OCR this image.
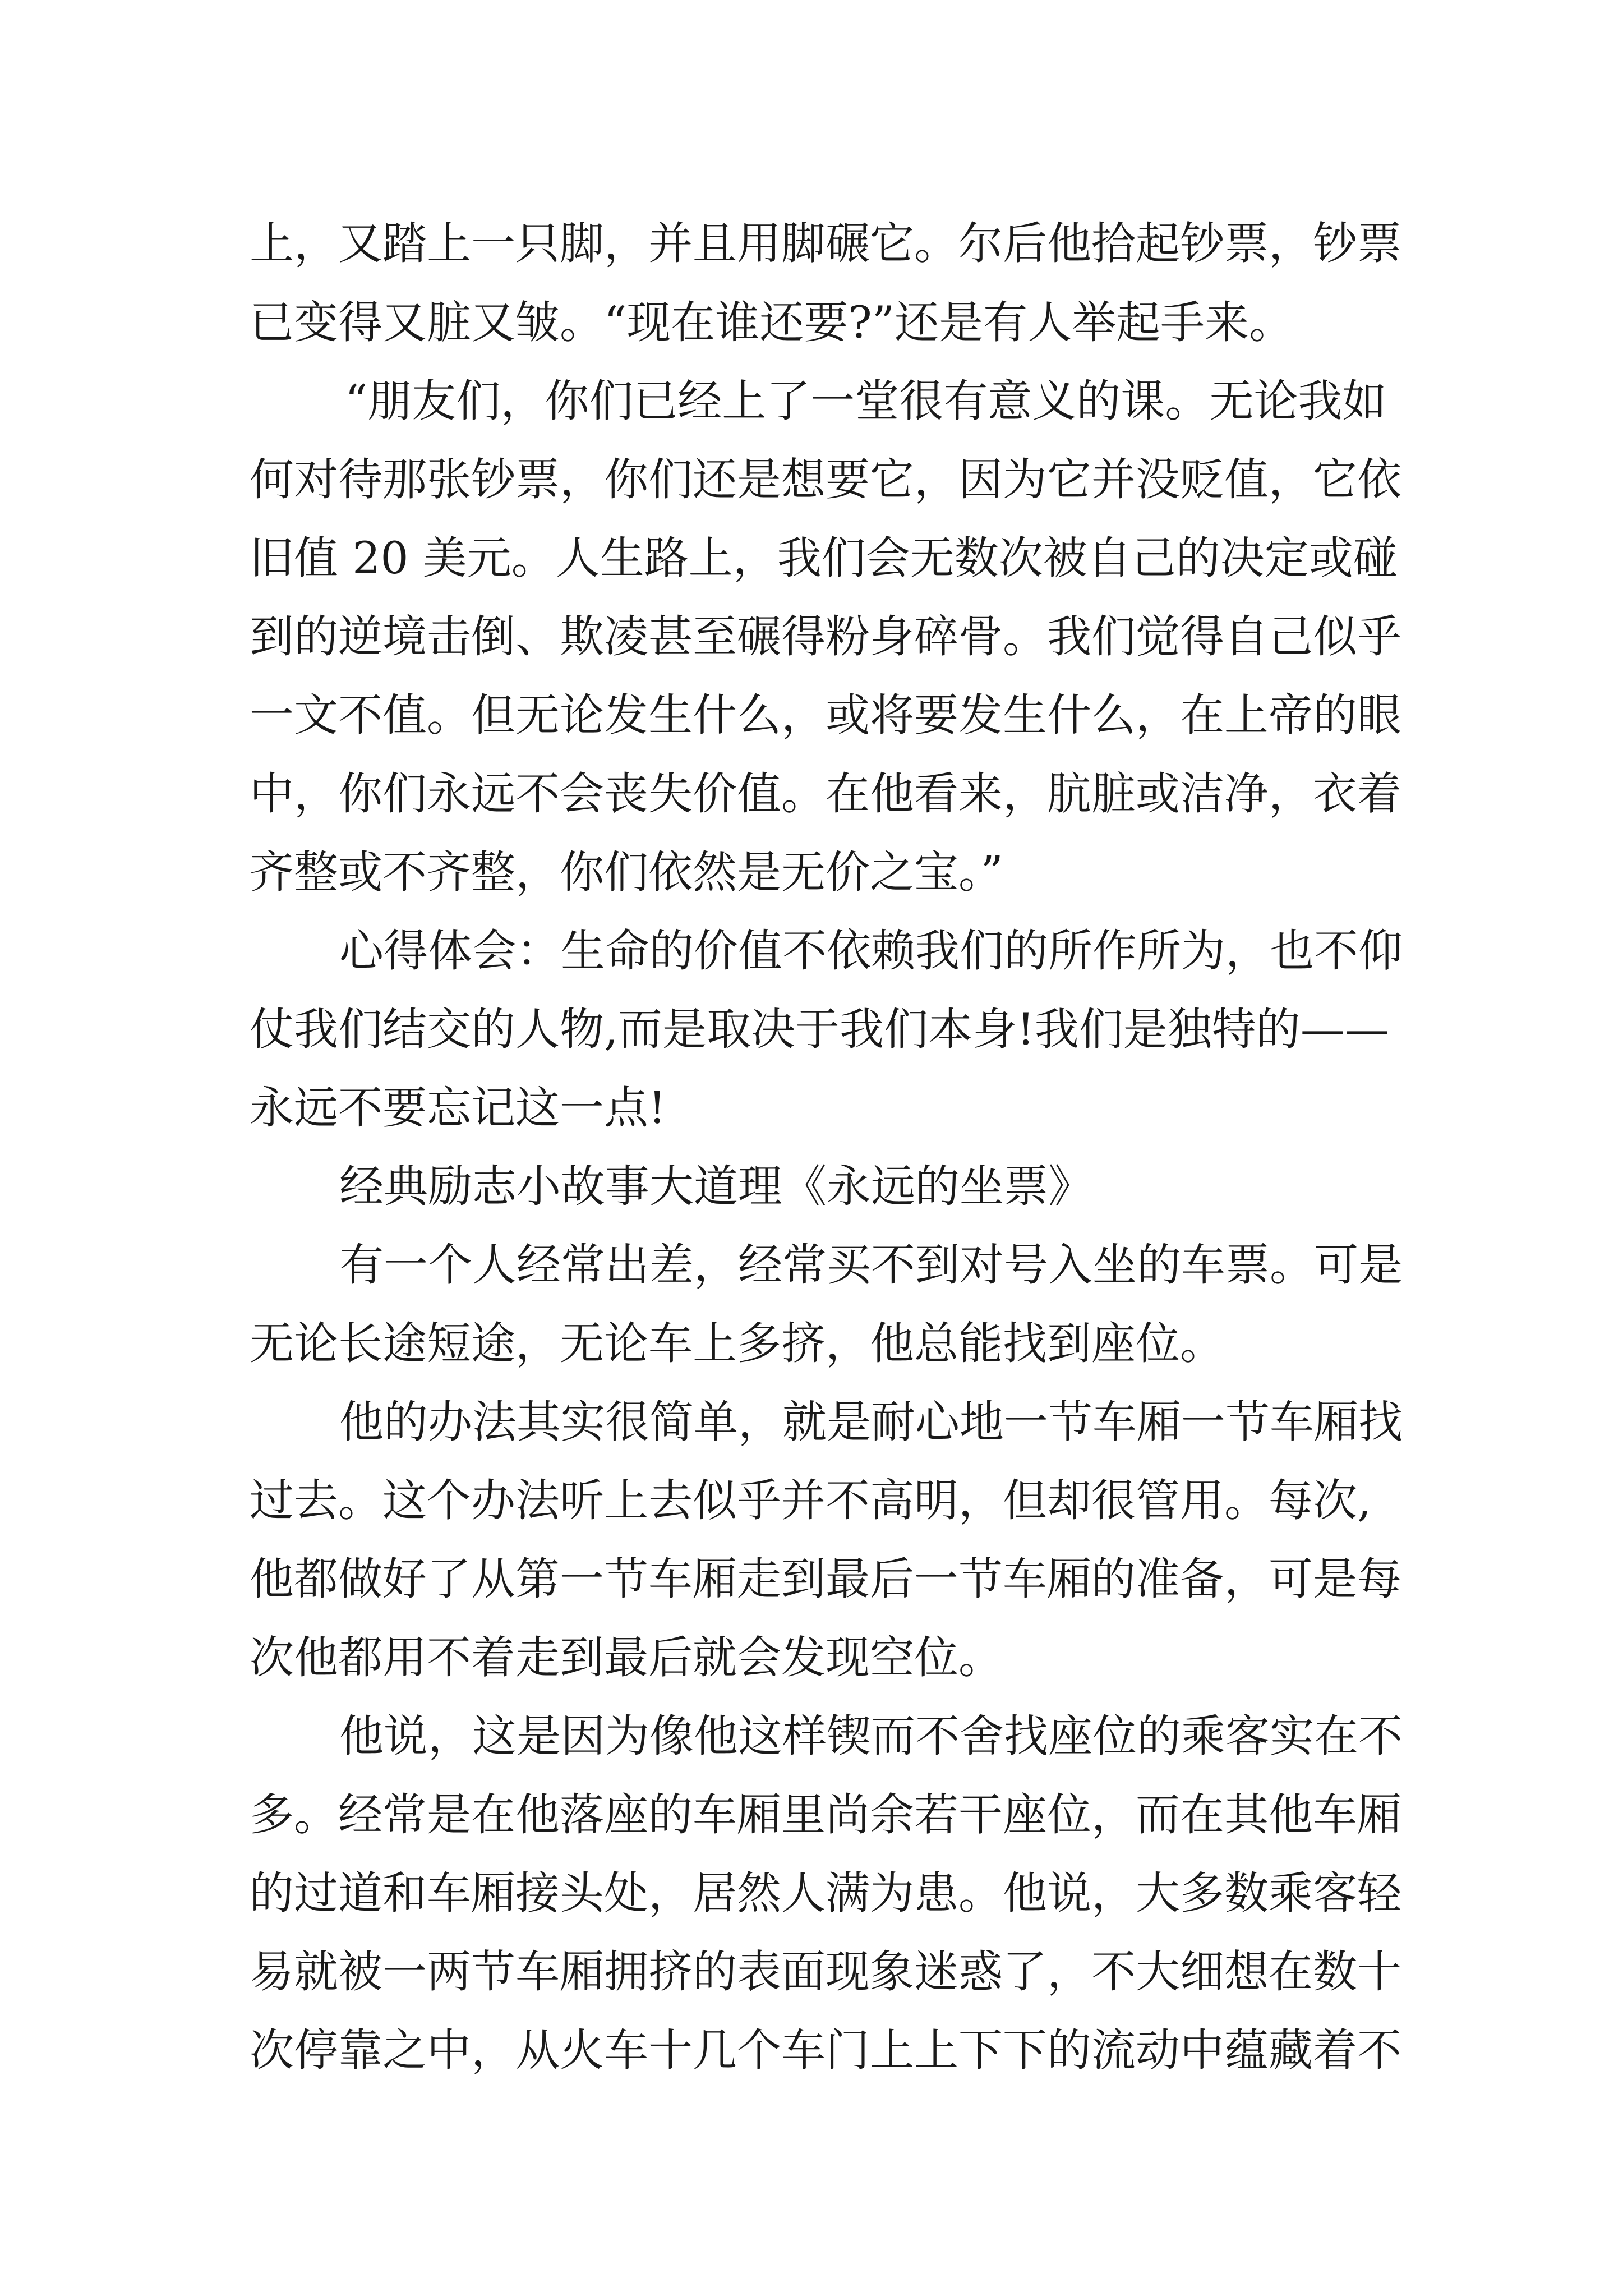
上，又踏上一只脚，并且用脚碾它。尔后他拾起钞票，钞票
已变得又脏又皱。“现在谁还要?”还是有人举起手来。
“朋友们，你们已经上了一堂很有意义的课。无论我如
何对待那张钞票，你们还是想要它，因为它并没贬值，它依
旧值 20 美元。人生路上，我们会无数次被自己的决定或碰
到的逆境击倒、欺凌甚至碾得粉身碎骨。我们觉得自己似乎
一文不值。但无论发生什么，或将要发生什么，在上帝的眼
中，你们永远不会丧失价值。在他看来，肮脏或洁净，衣着
齐整或不齐整，你们依然是无价之宝。”
心得体会：生命的价值不依赖我们的所作所为，也不仰
仗我们结交的人物,而是取决于我们本身!我们是独特的——
永远不要忘记这一点!
经典励志小故事大道理《永远的坐票》
有一个人经常出差，经常买不到对号入坐的车票。可是
无论长途短途，无论车上多挤，他总能找到座位。
他的办法其实很简单，就是耐心地一节车厢一节车厢找
过去。这个办法听上去似乎并不高明，但却很管用。每次,
他都做好了从第一节车厢走到最后一节车厢的准备，可是每
次他都用不着走到最后就会发现空位。
他说，这是因为像他这样锲而不舍找座位的乘客实在不
多。经常是在他落座的车厢里尚余若干座位，而在其他车厢
的过道和车厢接头处，居然人满为患。他说，大多数乘客轻
易就被一两节车厢拥挤的表面现象迷惑了，不大细想在数十
次停靠之中，从火车十几个车门上上下下的流动中蕴藏着不
